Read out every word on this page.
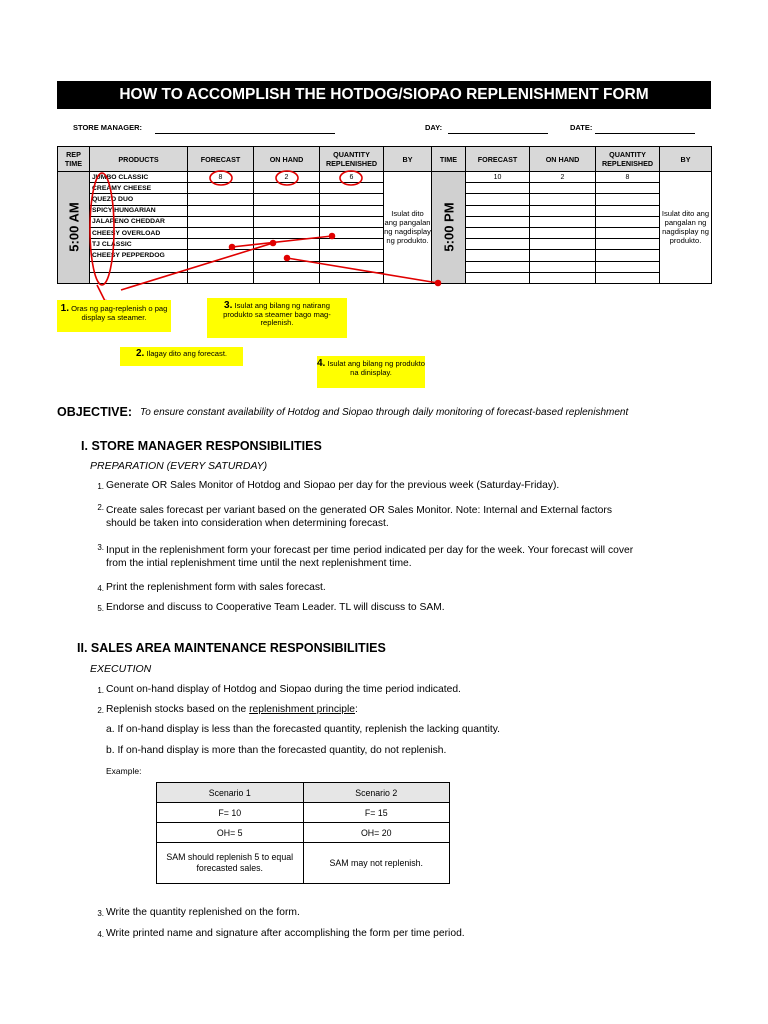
HOW TO ACCOMPLISH THE HOTDOG/SIOPAO REPLENISHMENT FORM
STORE MANAGER:	DAY:	DATE:
REP TIME	PRODUCTS	FORECAST	ON HAND	QUANTITY REPLENISHED	BY	TIME	FORECAST	ON HAND	QUANTITY REPLENISHED	BY

5:00 AM	JUMBO CLASSIC	8	2	6	Isulat dito ang pangalan ng nagdisplay ng produkto.	5:00 PM	10	2	8	Isulat dito ang pangalan ng nagdisplay ng produkto.
	CREAMY CHEESE									
	QUEZO DUO									
	SPICY HUNGARIAN									
	JALAPENO CHEDDAR									
	CHEESY OVERLOAD									
	TJ CLASSIC									
	CHEESY PEPPERDOG									

1. Oras ng pag-replenish o pag display sa steamer.
3. Isulat ang bilang ng natirang produkto sa steamer bago mag-replenish.
2. Ilagay dito ang forecast.
4. Isulat ang bilang ng produkto na dinisplay.
OBJECTIVE: To ensure constant availability of Hotdog and Siopao through daily monitoring of forecast-based replenishment
I. STORE MANAGER RESPONSIBILITIES
PREPARATION (EVERY SATURDAY)
1. Generate OR Sales Monitor of Hotdog and Siopao per day for the previous week (Saturday-Friday).
2. Create sales forecast per variant based on the generated OR Sales Monitor. Note: Internal and External factors
should be taken into consideration when determining forecast.
3. Input in the replenishment form your forecast per time period indicated per day for the week. Your forecast will cover
from the intial replenishment time until the next replenishment time.
4. Print the replenishment form with sales forecast.
5. Endorse and discuss to Cooperative Team Leader. TL will discuss to SAM.
II. SALES AREA MAINTENANCE RESPONSIBILITIES
EXECUTION
1. Count on-hand display of Hotdog and Siopao during the time period indicated.
2. Replenish stocks based on the replenishment principle:
a. If on-hand display is less than the forecasted quantity, replenish the lacking quantity.
b. If on-hand display is more than the forecasted quantity, do not replenish.
Example:
Scenario 1	Scenario 2
F= 10	F= 15
OH= 5	OH= 20
SAM should replenish 5 to equal forecasted sales.	SAM may not replenish.
3. Write the quantity replenished on the form.
4. Write printed name and signature after accomplishing the form per time period.
